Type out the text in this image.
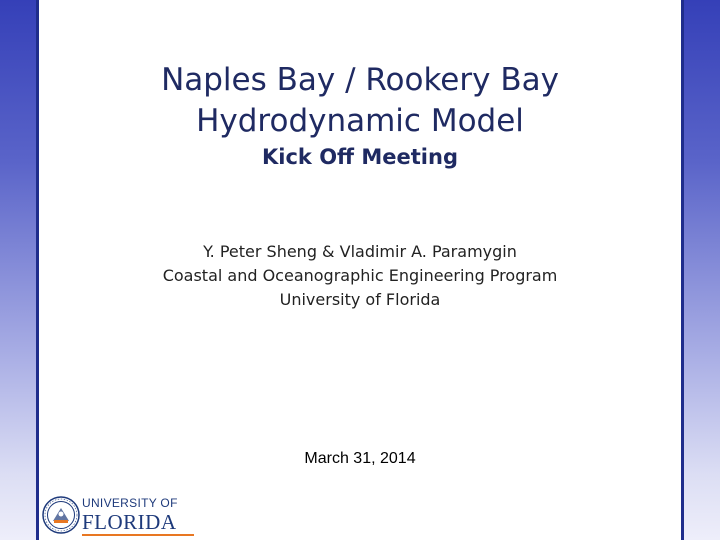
Naples Bay / Rookery Bay
Hydrodynamic Model
Kick Off Meeting
Y. Peter Sheng & Vladimir A. Paramygin
Coastal and Oceanographic Engineering Program
University of Florida
March 31, 2014
UNIVERSITY OF
FLORIDA
